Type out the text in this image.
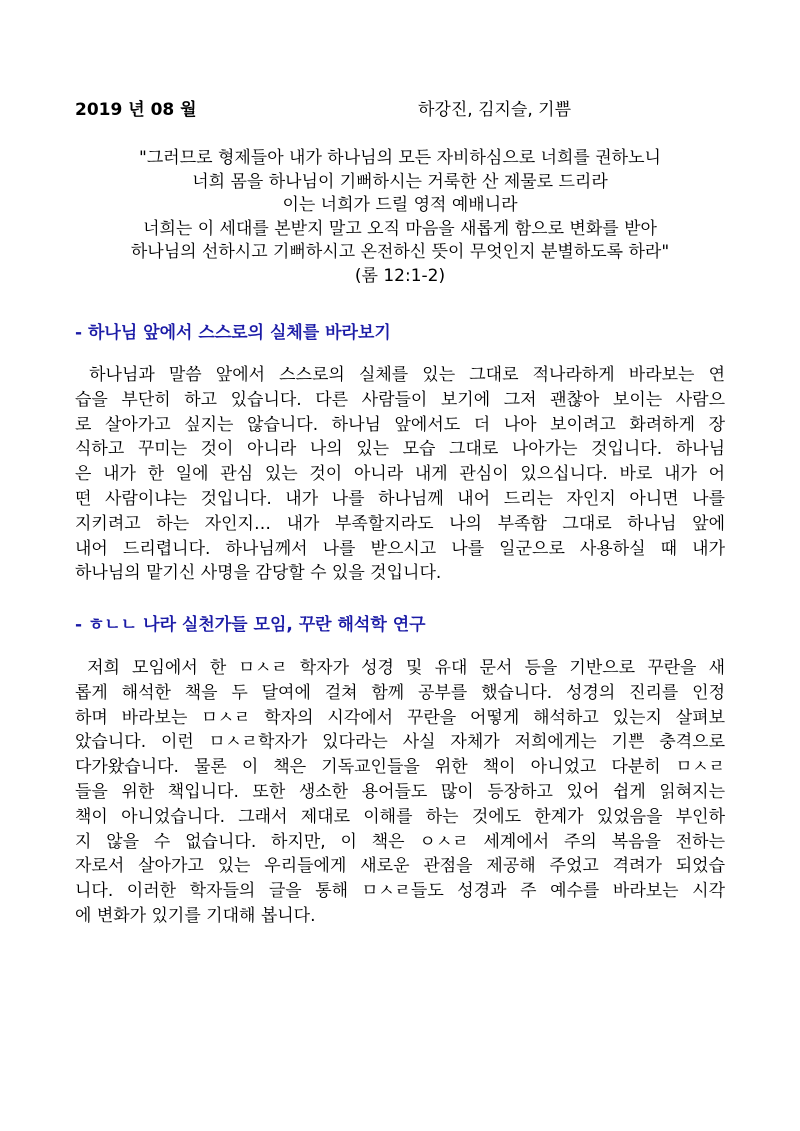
2019 년 08 월	하강진, 김지슬, 기쁨
"그러므로 형제들아 내가 하나님의 모든 자비하심으로 너희를 권하노니
너희 몸을 하나님이 기뻐하시는 거룩한 산 제물로 드리라
이는 너희가 드릴 영적 예배니라
너희는 이 세대를 본받지 말고 오직 마음을 새롭게 함으로 변화를 받아
하나님의 선하시고 기뻐하시고 온전하신 뜻이 무엇인지 분별하도록 하라"
(롬 12:1-2)
- 하나님 앞에서 스스로의 실체를 바라보기
하나님과 말씀 앞에서 스스로의 실체를 있는 그대로 적나라하게 바라보는 연
습을 부단히 하고 있습니다. 다른 사람들이 보기에 그저 괜찮아 보이는 사람으
로 살아가고 싶지는 않습니다. 하나님 앞에서도 더 나아 보이려고 화려하게 장
식하고 꾸미는 것이 아니라 나의 있는 모습 그대로 나아가는 것입니다. 하나님
은 내가 한 일에 관심 있는 것이 아니라 내게 관심이 있으십니다. 바로 내가 어
떤 사람이냐는 것입니다. 내가 나를 하나님께 내어 드리는 자인지 아니면 나를
지키려고 하는 자인지… 내가 부족할지라도 나의 부족함 그대로 하나님 앞에
내어 드리렵니다. 하나님께서 나를 받으시고 나를 일군으로 사용하실 때 내가
하나님의 맡기신 사명을 감당할 수 있을 것입니다.
- ㅎㄴㄴ 나라 실천가들 모임, 꾸란 해석학 연구
저희 모임에서 한 ㅁㅅㄹ 학자가 성경 및 유대 문서 등을 기반으로 꾸란을 새
롭게 해석한 책을 두 달여에 걸쳐 함께 공부를 했습니다. 성경의 진리를 인정
하며 바라보는 ㅁㅅㄹ 학자의 시각에서 꾸란을 어떻게 해석하고 있는지 살펴보
았습니다. 이런 ㅁㅅㄹ학자가 있다라는 사실 자체가 저희에게는 기쁜 충격으로
다가왔습니다. 물론 이 책은 기독교인들을 위한 책이 아니었고 다분히 ㅁㅅㄹ
들을 위한 책입니다. 또한 생소한 용어들도 많이 등장하고 있어 쉽게 읽혀지는
책이 아니었습니다. 그래서 제대로 이해를 하는 것에도 한계가 있었음을 부인하
지 않을 수 없습니다. 하지만, 이 책은 ㅇㅅㄹ 세계에서 주의 복음을 전하는
자로서 살아가고 있는 우리들에게 새로운 관점을 제공해 주었고 격려가 되었습
니다. 이러한 학자들의 글을 통해 ㅁㅅㄹ들도 성경과 주 예수를 바라보는 시각
에 변화가 있기를 기대해 봅니다.
